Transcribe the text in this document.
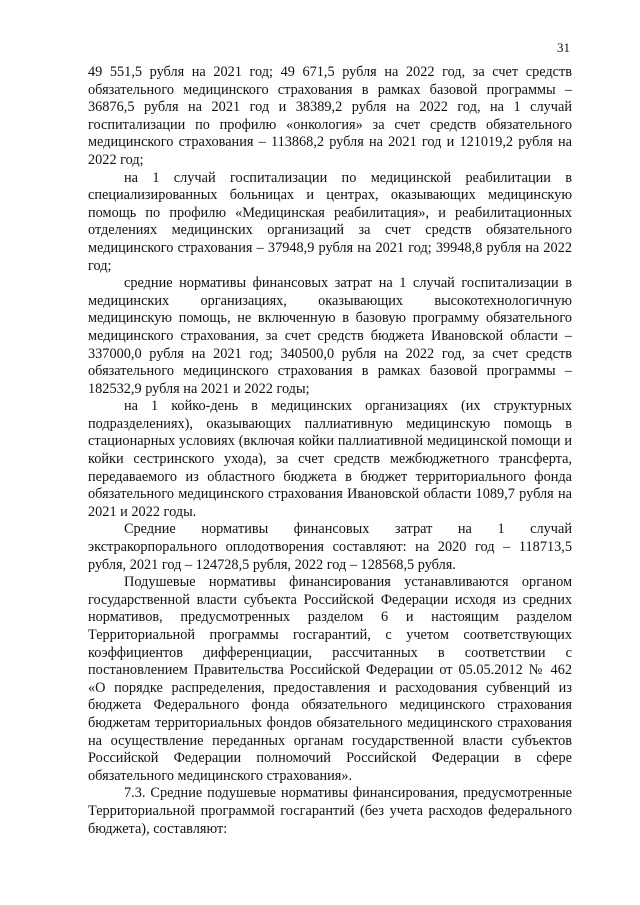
31

49 551,5 рубля на 2021 год; 49 671,5 рубля на 2022 год, за счет средств обязательного медицинского страхования в рамках базовой программы – 36876,5 рубля на 2021 год и 38389,2 рубля на 2022 год, на 1 случай госпитализации по профилю «онкология» за счет средств обязательного медицинского страхования – 113868,2 рубля на 2021 год и 121019,2 рубля на 2022 год;

на 1 случай госпитализации по медицинской реабилитации в специализированных больницах и центрах, оказывающих медицинскую помощь по профилю «Медицинская реабилитация», и реабилитационных отделениях медицинских организаций за счет средств обязательного медицинского страхования – 37948,9 рубля на 2021 год; 39948,8 рубля на 2022 год;

средние нормативы финансовых затрат на 1 случай госпитализации в медицинских организациях, оказывающих высокотехнологичную медицинскую помощь, не включенную в базовую программу обязательного медицинского страхования, за счет средств бюджета Ивановской области – 337000,0 рубля на 2021 год; 340500,0 рубля на 2022 год, за счет средств обязательного медицинского страхования в рамках базовой программы – 182532,9 рубля на 2021 и 2022 годы;

на 1 койко-день в медицинских организациях (их структурных подразделениях), оказывающих паллиативную медицинскую помощь в стационарных условиях (включая койки паллиативной медицинской помощи и койки сестринского ухода), за счет средств межбюджетного трансферта, передаваемого из областного бюджета в бюджет территориального фонда обязательного медицинского страхования Ивановской области 1089,7 рубля на 2021 и 2022 годы.

Средние нормативы финансовых затрат на 1 случай экстракорпорального оплодотворения составляют: на 2020 год – 118713,5 рубля, 2021 год – 124728,5 рубля, 2022 год – 128568,5 рубля.

Подушевые нормативы финансирования устанавливаются органом государственной власти субъекта Российской Федерации исходя из средних нормативов, предусмотренных разделом 6 и настоящим разделом Территориальной программы госгарантий, с учетом соответствующих коэффициентов дифференциации, рассчитанных в соответствии с постановлением Правительства Российской Федерации от 05.05.2012 № 462 «О порядке распределения, предоставления и расходования субвенций из бюджета Федерального фонда обязательного медицинского страхования бюджетам территориальных фондов обязательного медицинского страхования на осуществление переданных органам государственной власти субъектов Российской Федерации полномочий Российской Федерации в сфере обязательного медицинского страхования».

7.3. Средние подушевые нормативы финансирования, предусмотренные Территориальной программой госгарантий (без учета расходов федерального бюджета), составляют:
